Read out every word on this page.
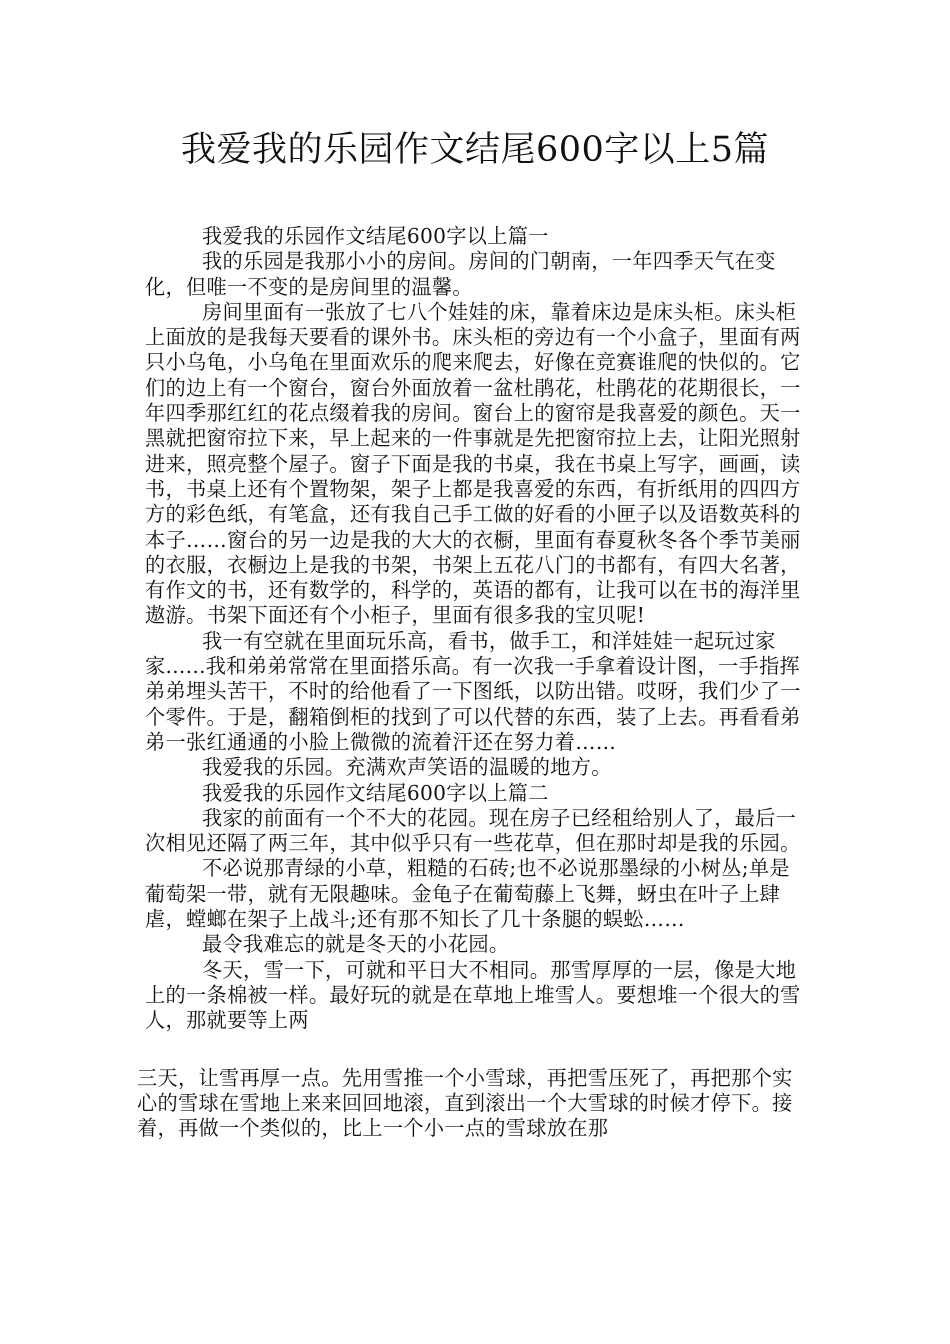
我爱我的乐园作文结尾600字以上5篇

我爱我的乐园作文结尾600字以上篇一

我的乐园是我那小小的房间。房间的门朝南，一年四季天气在变化，但唯一不变的是房间里的温馨。

房间里面有一张放了七八个娃娃的床，靠着床边是床头柜。床头柜上面放的是我每天要看的课外书。床头柜的旁边有一个小盒子，里面有两只小乌龟，小乌龟在里面欢乐的爬来爬去，好像在竞赛谁爬的快似的。它们的边上有一个窗台，窗台外面放着一盆杜鹃花，杜鹃花的花期很长，一年四季那红红的花点缀着我的房间。窗台上的窗帘是我喜爱的颜色。天一黑就把窗帘拉下来，早上起来的一件事就是先把窗帘拉上去，让阳光照射进来，照亮整个屋子。窗子下面是我的书桌，我在书桌上写字，画画，读书，书桌上还有个置物架，架子上都是我喜爱的东西，有折纸用的四四方方的彩色纸，有笔盒，还有我自己手工做的好看的小匣子以及语数英科的本子……窗台的另一边是我的大大的衣橱，里面有春夏秋冬各个季节美丽的衣服，衣橱边上是我的书架，书架上五花八门的书都有，有四大名著，有作文的书，还有数学的，科学的，英语的都有，让我可以在书的海洋里遨游。书架下面还有个小柜子，里面有很多我的宝贝呢!

我一有空就在里面玩乐高，看书，做手工，和洋娃娃一起玩过家家......我和弟弟常常在里面搭乐高。有一次我一手拿着设计图，一手指挥弟弟埋头苦干，不时的给他看了一下图纸，以防出错。哎呀，我们少了一个零件。于是，翻箱倒柜的找到了可以代替的东西，装了上去。再看看弟弟一张红通通的小脸上微微的流着汗还在努力着……

我爱我的乐园。充满欢声笑语的温暖的地方。

我爱我的乐园作文结尾600字以上篇二

我家的前面有一个不大的花园。现在房子已经租给别人了，最后一次相见还隔了两三年，其中似乎只有一些花草，但在那时却是我的乐园。

不必说那青绿的小草，粗糙的石砖;也不必说那墨绿的小树丛;单是葡萄架一带，就有无限趣味。金龟子在葡萄藤上飞舞，蚜虫在叶子上肆虐，螳螂在架子上战斗;还有那不知长了几十条腿的蜈蚣……

最令我难忘的就是冬天的小花园。

冬天，雪一下，可就和平日大不相同。那雪厚厚的一层，像是大地上的一条棉被一样。最好玩的就是在草地上堆雪人。要想堆一个很大的雪人，那就要等上两

三天，让雪再厚一点。先用雪推一个小雪球，再把雪压死了，再把那个实心的雪球在雪地上来来回回地滚，直到滚出一个大雪球的时候才停下。接着，再做一个类似的，比上一个小一点的雪球放在那
